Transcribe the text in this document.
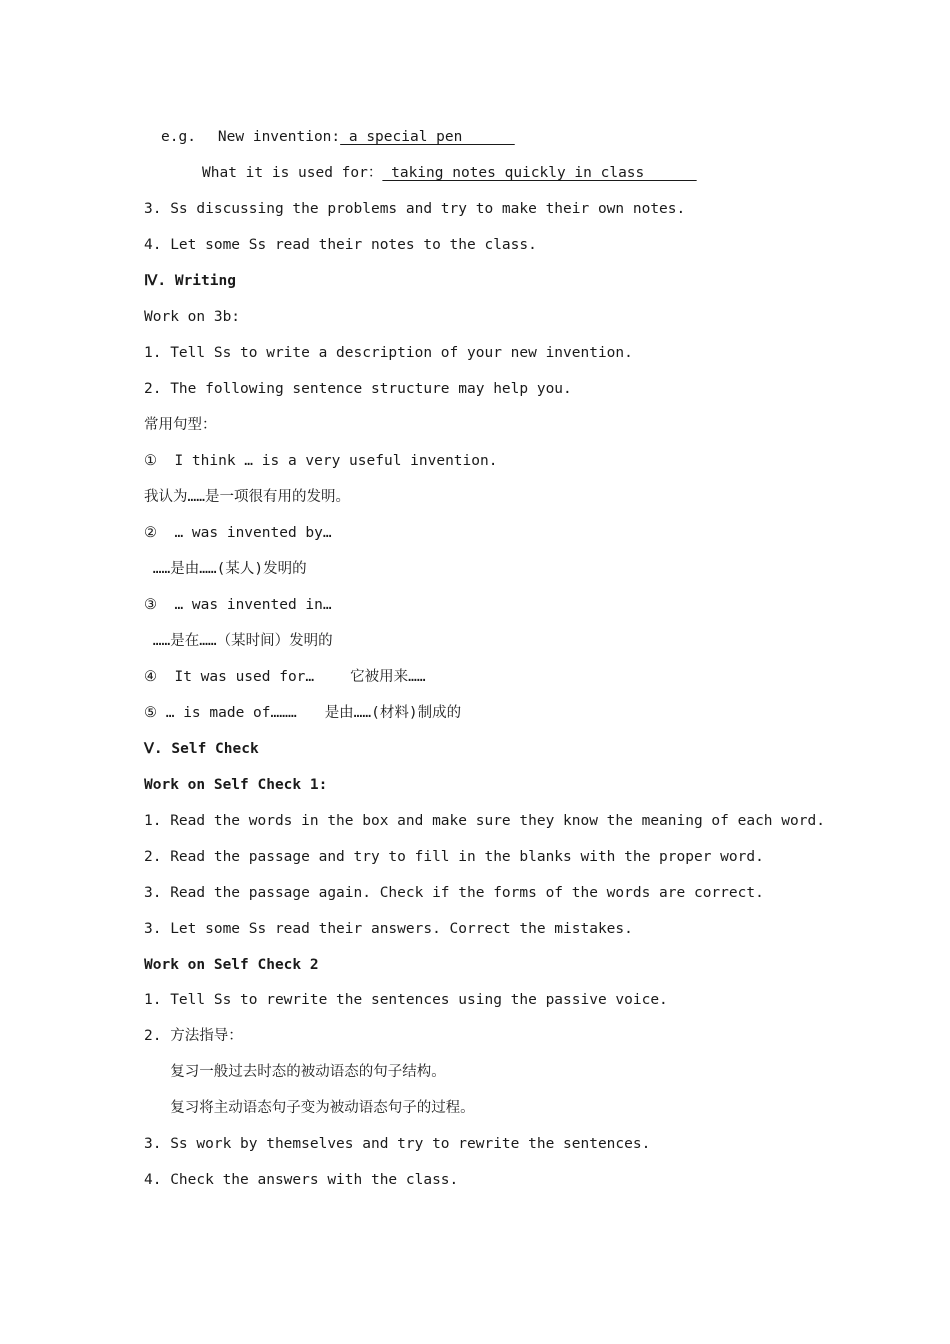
e.g. New invention: a special pen
What it is used for： taking notes quickly in class
3. Ss discussing the problems and try to make their own notes.
4. Let some Ss read their notes to the class.
Ⅳ. Writing
Work on 3b:
1. Tell Ss to write a description of your new invention.
2. The following sentence structure may help you.
常用句型：
①  I think … is a very useful invention.
我认为……是一项很有用的发明。
②  … was invented by…
……是由……(某人)发明的
③  … was invented in…
……是在……（某时间）发明的
④  It was used for… 它被用来……
⑤ … is made of……… 是由……(材料)制成的
Ⅴ. Self Check
Work on Self Check 1:
1. Read the words in the box and make sure they know the meaning of each word.
2. Read the passage and try to fill in the blanks with the proper word.
3. Read the passage again. Check if the forms of the words are correct.
3. Let some Ss read their answers. Correct the mistakes.
Work on Self Check 2
1. Tell Ss to rewrite the sentences using the passive voice.
2. 方法指导：
复习一般过去时态的被动语态的句子结构。
复习将主动语态句子变为被动语态句子的过程。
3. Ss work by themselves and try to rewrite the sentences.
4. Check the answers with the class.
